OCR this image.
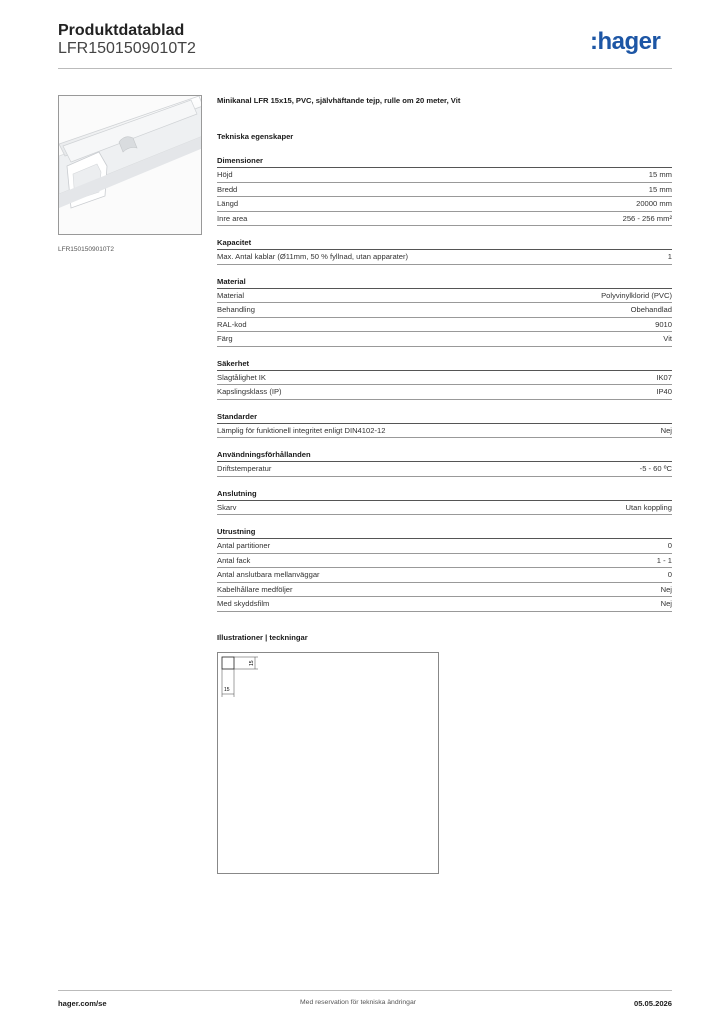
Produktdatablad
LFR1501509010T2	:hager
LFR1501509010T2
Minikanal LFR 15x15, PVC, självhäftande tejp, rulle om 20 meter, Vit
Tekniska egenskaper
Dimensioner
Höjd	15 mm
Bredd	15 mm
Längd	20000 mm
Inre area	256 - 256 mm²
Kapacitet
Max. Antal kablar (Ø11mm, 50 % fyllnad, utan apparater)	1
Material
Material	Polyvinylklorid (PVC)
Behandling	Obehandlad
RAL-kod	9010
Färg	Vit
Säkerhet
Slagtålighet IK	IK07
Kapslingsklass (IP)	IP40
Standarder
Lämplig för funktionell integritet enligt DIN4102-12	Nej
Användningsförhållanden
Driftstemperatur	-5 - 60 ºC
Anslutning
Skarv	Utan koppling
Utrustning
Antal partitioner	0
Antal fack	1 - 1
Antal anslutbara mellanväggar	0
Kabelhållare medföljer	Nej
Med skyddsfilm	Nej
Illustrationer | teckningar
15
15
hager.com/se	Med reservation för tekniska ändringar	05.05.2026
